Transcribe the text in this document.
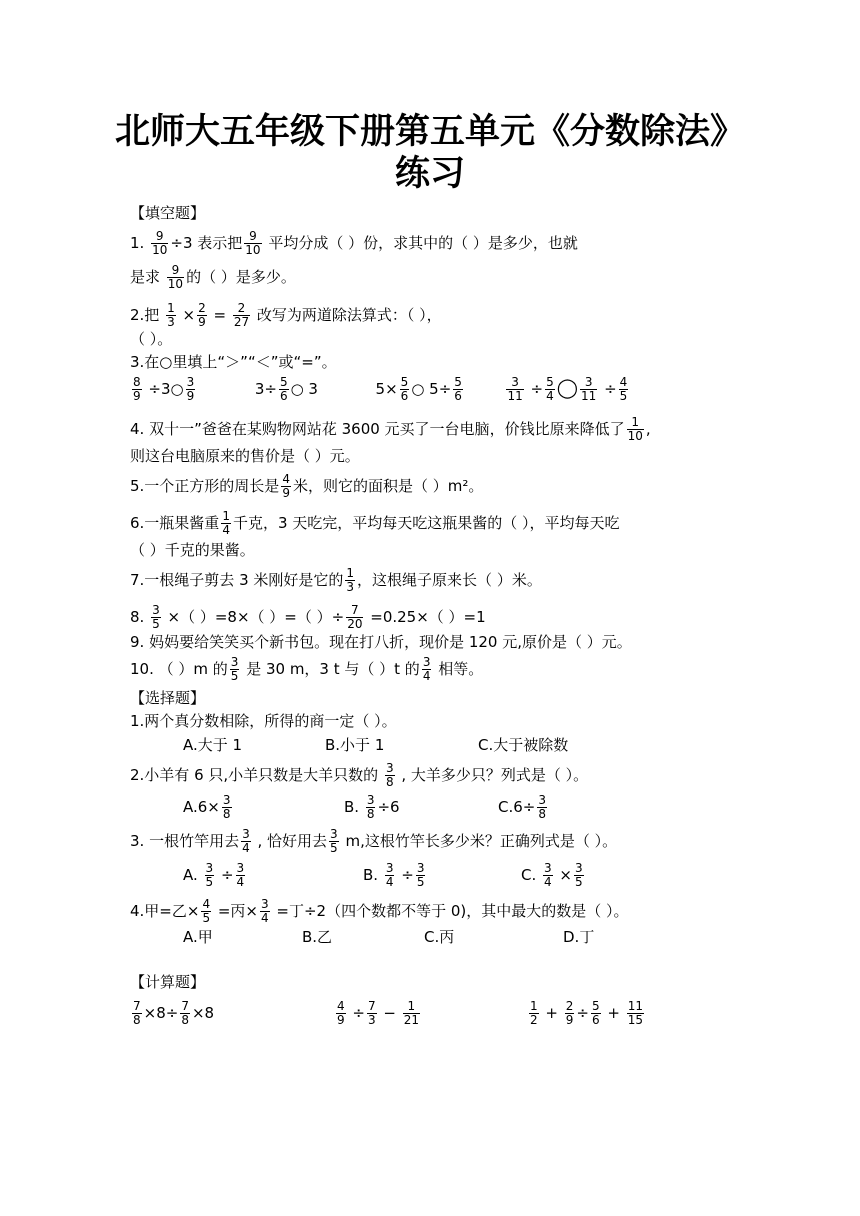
北师大五年级下册第五单元《分数除法》
练习
【填空题】
1. $\frac{9}{10} \div 3$ 表示把 $\frac{9}{10}$ 平均分成（ ）份，求其中的（ ）是多少，也就
是求 $\frac{9}{10}$ 的（ ）是多少。
2.把 $\frac{1}{3} \times \frac{2}{9} = \frac{2}{27}$ 改写为两道除法算式：（ ），
（ ）。
3.在○里填上“＞”“＜”或“=”。
$\frac{8}{9}$ ÷3○ $\frac{3}{9}$	$3\div \frac{5}{6}$ ○ 3	$5\times \frac{5}{6}$ ○ $5\div \frac{5}{6}$
	$\frac{3}{11} \div \frac{5}{4}$ ◯ $\frac{3}{11} \div \frac{4}{5}$
4. 双十一”爸爸在某购物网站花 3600 元买了一台电脑，价钱比原来降低了 $\frac{1}{10}$ ,
则这台电脑原来的售价是（ ）元。
5.一个正方形的周长是 $\frac{4}{9}$ 米，则它的面积是（ ）m²。
6.一瓶果酱重 $\frac{1}{4}$ 千克，3 天吃完，平均每天吃这瓶果酱的（ ），平均每天吃
（ ）千克的果酱。
7.一根绳子剪去 3 米刚好是它的 $\frac{1}{3}$ ，这根绳子原来长（ ）米。
8. $\frac{3}{5}$ ×（ ）=8×（ ）=（ ）÷ $\frac{7}{20} =0.25\times$（ ）=1
9. 妈妈要给笑笑买个新书包。现在打八折，现价是 120 元,原价是（ ）元。
10. （ ）m 的 $\frac{3}{5}$ 是 30 m，3 t 与（ ）t 的 $\frac{3}{4}$ 相等。
【选择题】
1.两个真分数相除，所得的商一定（ ）。
A.大于 1	B.小于 1	C.大于被除数
2.小羊有 6 只,小羊只数是大羊只数的 $\frac{3}{8}$ , 大羊多少只？列式是（ ）。
$A.6\times \frac{3}{8}$	B. $\frac{3}{8} \div 6$	$C.6\div \frac{3}{8}$
3. 一根竹竿用去 $\frac{3}{4}$ , 恰好用去 $\frac{3}{5} m$,这根竹竿长多少米？正确列式是（ ）。
A. $\frac{3}{5} \div \frac{3}{4}$	B. $\frac{3}{4} \div \frac{3}{5}$	C. $\frac{3}{4} \times \frac{3}{5}$
4.甲=乙× $\frac{4}{5}$ =丙× $\frac{3}{4}$ =丁÷2（四个数都不等于 0)，其中最大的数是（ ）。
A.甲	B.乙	C.丙	D.丁
【计算题】
$\frac{7}{8} \times 8\div \frac{7}{8} \times 8$	$\frac{4}{9} \div \frac{7}{3} - \frac{1}{21}$	$\frac{1}{2} + \frac{2}{9} \div \frac{5}{6} + \frac{11}{15}$
